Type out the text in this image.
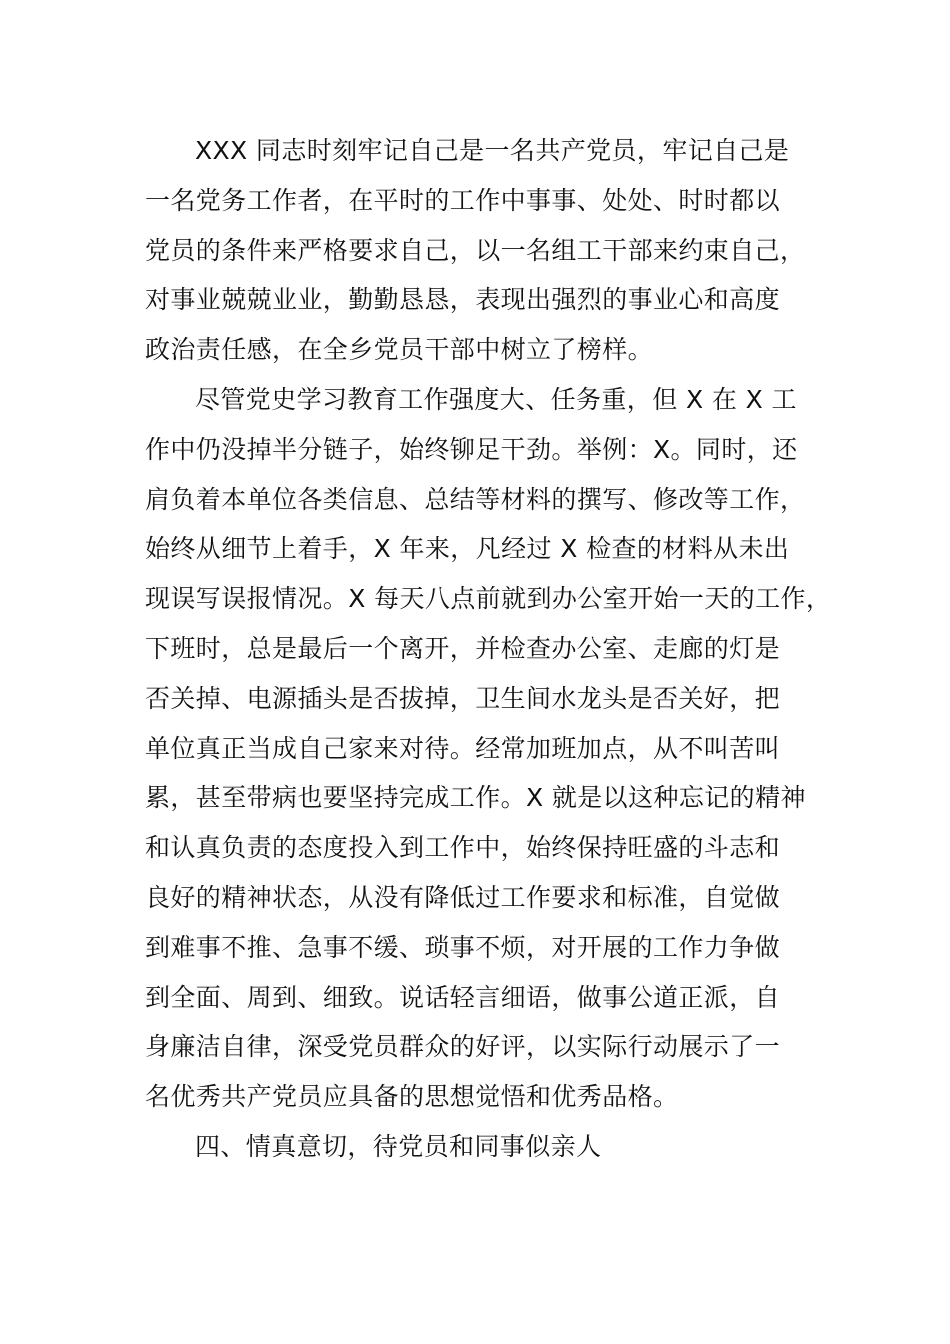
XXX 同志时刻牢记自己是一名共产党员，牢记自己是
一名党务工作者，在平时的工作中事事、处处、时时都以
党员的条件来严格要求自己，以一名组工干部来约束自己，
对事业兢兢业业，勤勤恳恳，表现出强烈的事业心和高度
政治责任感，在全乡党员干部中树立了榜样。
尽管党史学习教育工作强度大、任务重，但 X 在 X 工
作中仍没掉半分链子，始终铆足干劲。举例：X。同时，还
肩负着本单位各类信息、总结等材料的撰写、修改等工作，
始终从细节上着手，X 年来，凡经过 X 检查的材料从未出
现误写误报情况。X 每天八点前就到办公室开始一天的工作，
下班时，总是最后一个离开，并检查办公室、走廊的灯是
否关掉、电源插头是否拔掉，卫生间水龙头是否关好，把
单位真正当成自己家来对待。经常加班加点，从不叫苦叫
累，甚至带病也要坚持完成工作。X 就是以这种忘记的精神
和认真负责的态度投入到工作中，始终保持旺盛的斗志和
良好的精神状态，从没有降低过工作要求和标准，自觉做
到难事不推、急事不缓、琐事不烦，对开展的工作力争做
到全面、周到、细致。说话轻言细语，做事公道正派，自
身廉洁自律，深受党员群众的好评，以实际行动展示了一
名优秀共产党员应具备的思想觉悟和优秀品格。
四、情真意切，待党员和同事似亲人
